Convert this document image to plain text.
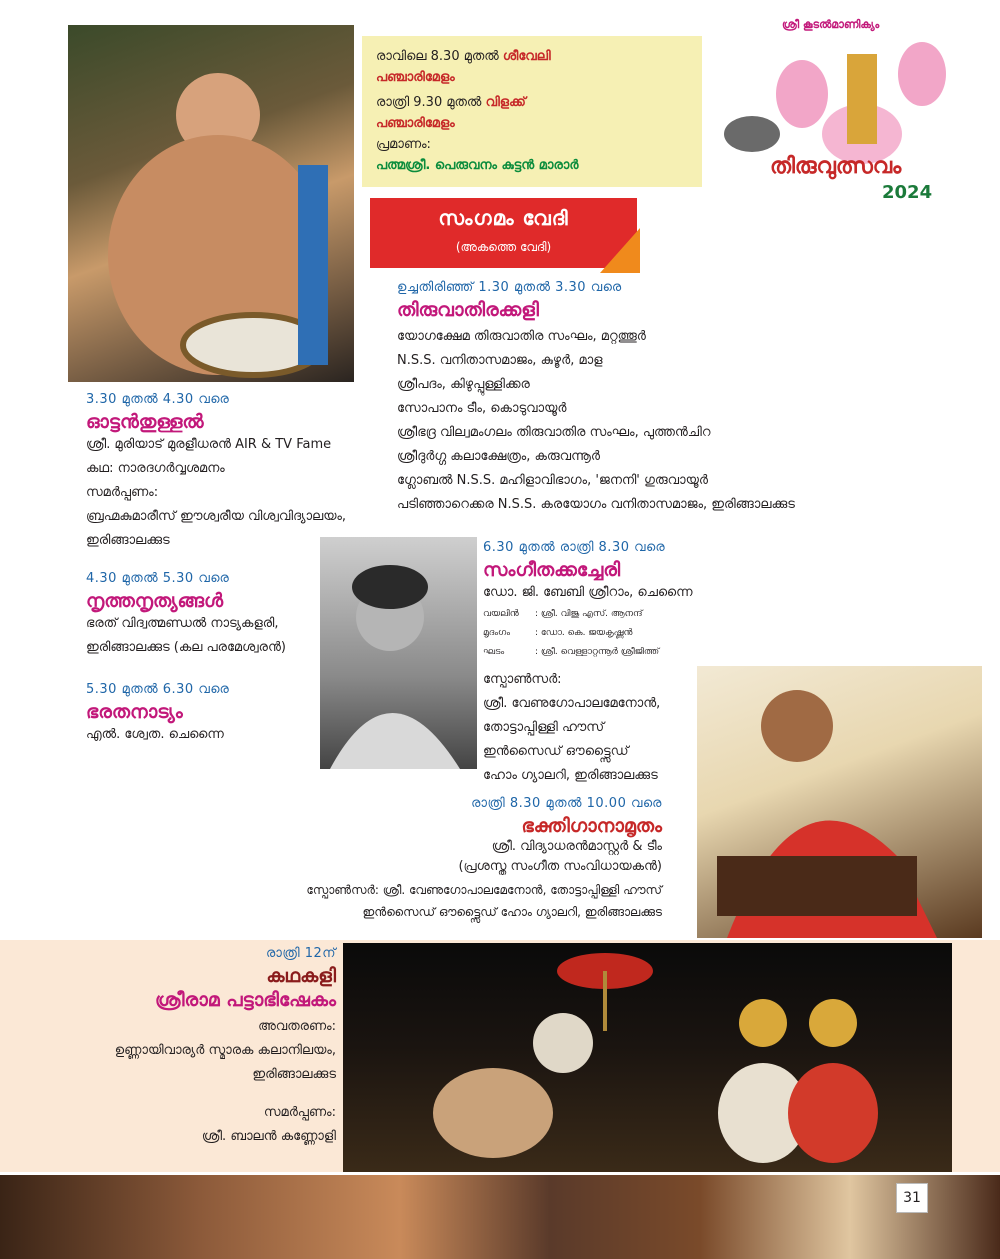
രാവിലെ 8.30 മുതൽ ശീവേലി
പഞ്ചാരിമേളം
രാത്രി 9.30 മുതൽ വിളക്ക്
പഞ്ചാരിമേളം
പ്രമാണം:
പത്മശ്രീ. പെരുവനം കുട്ടൻ മാരാർ
ശ്രീ കൂടൽമാണിക്യം
തിരുവുത്സവം
2024
സംഗമം വേദി
(അകത്തെ വേദി)
ഉച്ചതിരിഞ്ഞ് 1.30 മുതൽ 3.30 വരെ
തിരുവാതിരക്കളി
യോഗക്ഷേമ തിരുവാതിര സംഘം, മറ്റത്തൂർ
N.S.S. വനിതാസമാജം, കുഴൂർ, മാള
ശ്രീപദം, കിഴുപ്പുള്ളിക്കര
സോപാനം ടീം, കൊടുവായൂർ
ശ്രീഭദ്ര വില്വമംഗലം തിരുവാതിര സംഘം, പുത്തൻചിറ
ശ്രീദുർഗ്ഗ കലാക്ഷേത്രം, കരുവന്നൂർ
ഗ്ലോബൽ N.S.S. മഹിളാവിഭാഗം, 'ജനനി' ഗുരുവായൂർ
പടിഞ്ഞാറെക്കര N.S.S. കരയോഗം വനിതാസമാജം, ഇരിങ്ങാലക്കുട
3.30 മുതൽ 4.30 വരെ
ഓട്ടൻതുള്ളൽ
ശ്രീ. മുരിയാട് മുരളീധരൻ AIR & TV Fame
കഥ: നാരദഗർവ്വശമനം
സമർപ്പണം:
ബ്രഹ്മകുമാരീസ് ഈശ്വരീയ വിശ്വവിദ്യാലയം,
ഇരിങ്ങാലക്കുട
4.30 മുതൽ 5.30 വരെ
നൃത്തനൃത്യങ്ങൾ
ഭരത് വിദ്വത്മണ്ഡൽ നാട്യകളരി,
ഇരിങ്ങാലക്കുട (കല പരമേശ്വരൻ)
5.30 മുതൽ 6.30 വരെ
ഭരതനാട്യം
എൽ. ശ്വേത. ചെന്നൈ
6.30 മുതൽ രാത്രി 8.30 വരെ
സംഗീതക്കച്ചേരി
ഡോ. ജി. ബേബി ശ്രീറാം, ചെന്നൈ
വയലിൻ : ശ്രീ. വിജു എസ്. ആനന്ദ്
മൃദംഗം	: ഡോ. കെ. ജയകൃഷ്ണൻ
ഘടം	: ശ്രീ. വെള്ളാറ്റന്നൂർ ശ്രീജിത്ത്
സ്പോൺസർ:
ശ്രീ. വേണുഗോപാലമേനോൻ,
തോട്ടാപ്പിള്ളി ഹൗസ്
ഇൻസൈഡ് ഔട്ട്സൈഡ്
ഹോം ഗ്യാലറി, ഇരിങ്ങാലക്കുട
രാത്രി 8.30 മുതൽ 10.00 വരെ
ഭക്തിഗാനാമൃതം
ശ്രീ. വിദ്യാധരൻമാസ്റ്റർ & ടീം
(പ്രശസ്ത സംഗീത സംവിധായകൻ)
സ്പോൺസർ: ശ്രീ. വേണുഗോപാലമേനോൻ, തോട്ടാപ്പിള്ളി ഹൗസ്
ഇൻസൈഡ് ഔട്ട്സൈഡ് ഹോം ഗ്യാലറി, ഇരിങ്ങാലക്കുട
രാത്രി 12ന്
കഥകളി
ശ്രീരാമ പട്ടാഭിഷേകം
അവതരണം:
ഉണ്ണായിവാര്യർ സ്മാരക കലാനിലയം,
ഇരിങ്ങാലക്കുട
സമർപ്പണം:
ശ്രീ. ബാലൻ കണ്ണോളി
31
